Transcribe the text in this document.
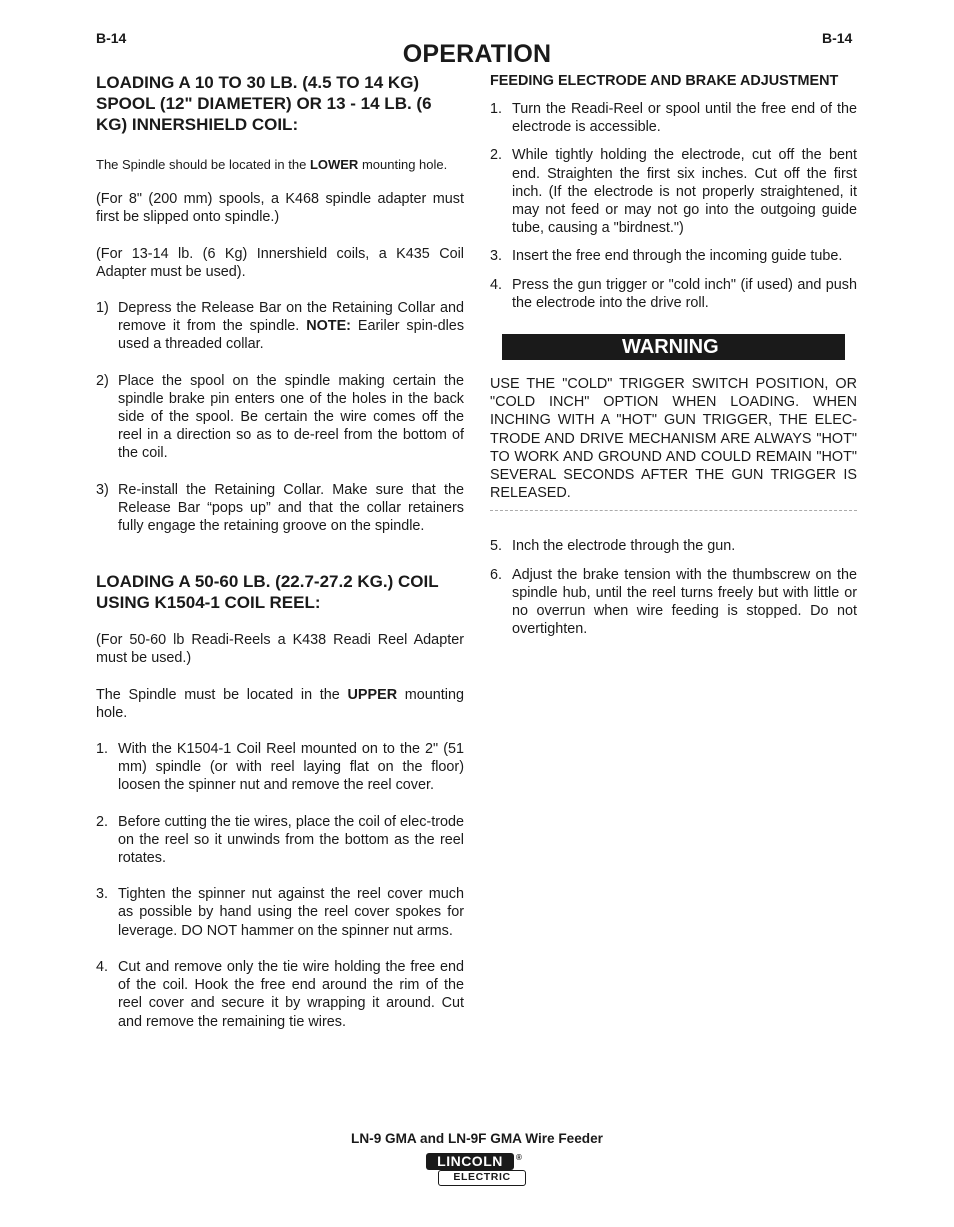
B-14	B-14
OPERATION
LOADING A 10 TO 30 LB. (4.5 TO 14 KG) SPOOL (12" DIAMETER) OR 13 - 14 LB. (6 KG) INNERSHIELD COIL:

The Spindle should be located in the LOWER mounting hole.

(For 8" (200 mm) spools, a K468 spindle adapter must first be slipped onto spindle.)

(For 13-14 lb. (6 Kg) Innershield coils, a K435 Coil Adapter must be used).

1) Depress the Release Bar on the Retaining Collar and remove it from the spindle. NOTE: Eariler spin-dles used a threaded collar.
2) Place the spool on the spindle making certain the spindle brake pin enters one of the holes in the back side of the spool. Be certain the wire comes off the reel in a direction so as to de-reel from the bottom of the coil.
3) Re-install the Retaining Collar. Make sure that the Release Bar “pops up” and that the collar retainers fully engage the retaining groove on the spindle.
LOADING A 50-60 LB. (22.7-27.2 KG.) COIL USING K1504-1 COIL REEL:

(For 50-60 lb Readi-Reels a K438 Readi Reel Adapter must be used.)

The Spindle must be located in the UPPER mounting hole.

1. With the K1504-1 Coil Reel mounted on to the 2" (51 mm) spindle (or with reel laying flat on the floor) loosen the spinner nut and remove the reel cover.
2. Before cutting the tie wires, place the coil of elec-trode on the reel so it unwinds from the bottom as the reel rotates.
3. Tighten the spinner nut against the reel cover much as possible by hand using the reel cover spokes for leverage. DO NOT hammer on the spinner nut arms.
4. Cut and remove only the tie wire holding the free end of the coil. Hook the free end around the rim of the reel cover and secure it by wrapping it around. Cut and remove the remaining tie wires.
FEEDING ELECTRODE AND BRAKE ADJUSTMENT
1. Turn the Readi-Reel or spool until the free end of the electrode is accessible.
2. While tightly holding the electrode, cut off the bent end. Straighten the first six inches. Cut off the first inch. (If the electrode is not properly straightened, it may not feed or may not go into the outgoing guide tube, causing a "birdnest.")
3. Insert the free end through the incoming guide tube.
4. Press the gun trigger or "cold inch" (if used) and push the electrode into the drive roll.
WARNING

USE THE "COLD" TRIGGER SWITCH POSITION, OR "COLD INCH" OPTION WHEN LOADING. WHEN INCHING WITH A "HOT" GUN TRIGGER, THE ELEC-TRODE AND DRIVE MECHANISM ARE ALWAYS "HOT" TO WORK AND GROUND AND COULD REMAIN "HOT" SEVERAL SECONDS AFTER THE GUN TRIGGER IS RELEASED.

5. Inch the electrode through the gun.
6. Adjust the brake tension with the thumbscrew on the spindle hub, until the reel turns freely but with little or no overrun when wire feeding is stopped. Do not overtighten.
LN-9 GMA and LN-9F GMA Wire Feeder
LINCOLN	®
ELECTRIC
